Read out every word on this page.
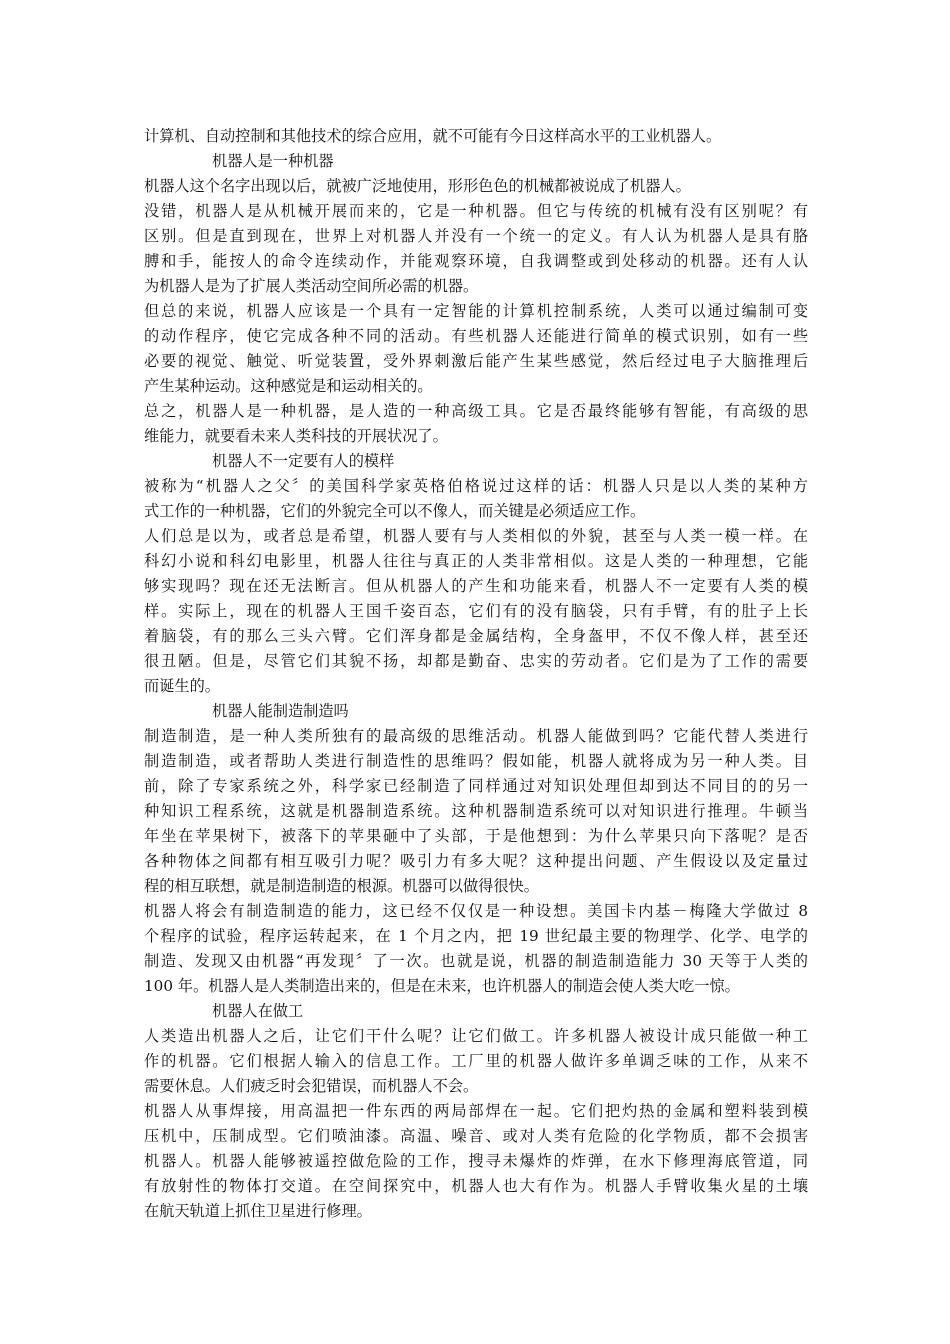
计算机、自动控制和其他技术的综合应用，就不可能有今日这样高水平的工业机器人。
机器人是一种机器
机器人这个名字出现以后，就被广泛地使用，形形色色的机械都被说成了机器人。
没错，机器人是从机械开展而来的，它是一种机器。但它与传统的机械有没有区别呢？有
区别。但是直到现在，世界上对机器人并没有一个统一的定义。有人认为机器人是具有胳
膊和手，能按人的命令连续动作，并能观察环境，自我调整或到处移动的机器。还有人认
为机器人是为了扩展人类活动空间所必需的机器。
但总的来说，机器人应该是一个具有一定智能的计算机控制系统，人类可以通过编制可变
的动作程序，使它完成各种不同的活动。有些机器人还能进行简单的模式识别，如有一些
必要的视觉、触觉、听觉装置，受外界刺激后能产生某些感觉，然后经过电子大脑推理后
产生某种运动。这种感觉是和运动相关的。
总之，机器人是一种机器，是人造的一种高级工具。它是否最终能够有智能，有高级的思
维能力，就要看未来人类科技的开展状况了。
机器人不一定要有人的模样
被称为“机器人之父〞的美国科学家英格伯格说过这样的话：机器人只是以人类的某种方
式工作的一种机器，它们的外貌完全可以不像人，而关键是必须适应工作。
人们总是以为，或者总是希望，机器人要有与人类相似的外貌，甚至与人类一模一样。在
科幻小说和科幻电影里，机器人往往与真正的人类非常相似。这是人类的一种理想，它能
够实现吗？现在还无法断言。但从机器人的产生和功能来看，机器人不一定要有人类的模
样。实际上，现在的机器人王国千姿百态，它们有的没有脑袋，只有手臂，有的肚子上长
着脑袋，有的那么三头六臂。它们浑身都是金属结构，全身盔甲，不仅不像人样，甚至还
很丑陋。但是，尽管它们其貌不扬，却都是勤奋、忠实的劳动者。它们是为了工作的需要
而诞生的。
机器人能制造制造吗
制造制造，是一种人类所独有的最高级的思维活动。机器人能做到吗？它能代替人类进行
制造制造，或者帮助人类进行制造性的思维吗？假如能，机器人就将成为另一种人类。目
前，除了专家系统之外，科学家已经制造了同样通过对知识处理但却到达不同目的的另一
种知识工程系统，这就是机器制造系统。这种机器制造系统可以对知识进行推理。牛顿当
年坐在苹果树下，被落下的苹果砸中了头部，于是他想到：为什么苹果只向下落呢？是否
各种物体之间都有相互吸引力呢？吸引力有多大呢？这种提出问题、产生假设以及定量过
程的相互联想，就是制造制造的根源。机器可以做得很快。
机器人将会有制造制造的能力，这已经不仅仅是一种设想。美国卡内基－梅隆大学做过 8
个程序的试验，程序运转起来，在 1 个月之内，把 19 世纪最主要的物理学、化学、电学的
制造、发现又由机器“再发现〞了一次。也就是说，机器的制造制造能力 30 天等于人类的
100 年。机器人是人类制造出来的，但是在未来，也许机器人的制造会使人类大吃一惊。
机器人在做工
人类造出机器人之后，让它们干什么呢？让它们做工。许多机器人被设计成只能做一种工
作的机器。它们根据人输入的信息工作。工厂里的机器人做许多单调乏味的工作，从来不
需要休息。人们疲乏时会犯错误，而机器人不会。
机器人从事焊接，用高温把一件东西的两局部焊在一起。它们把灼热的金属和塑料装到模
压机中，压制成型。它们喷油漆。高温、噪音、或对人类有危险的化学物质，都不会损害
机器人。机器人能够被遥控做危险的工作，搜寻未爆炸的炸弹，在水下修理海底管道，同
有放射性的物体打交道。在空间探究中，机器人也大有作为。机器人手臂收集火星的土壤
在航天轨道上抓住卫星进行修理。
